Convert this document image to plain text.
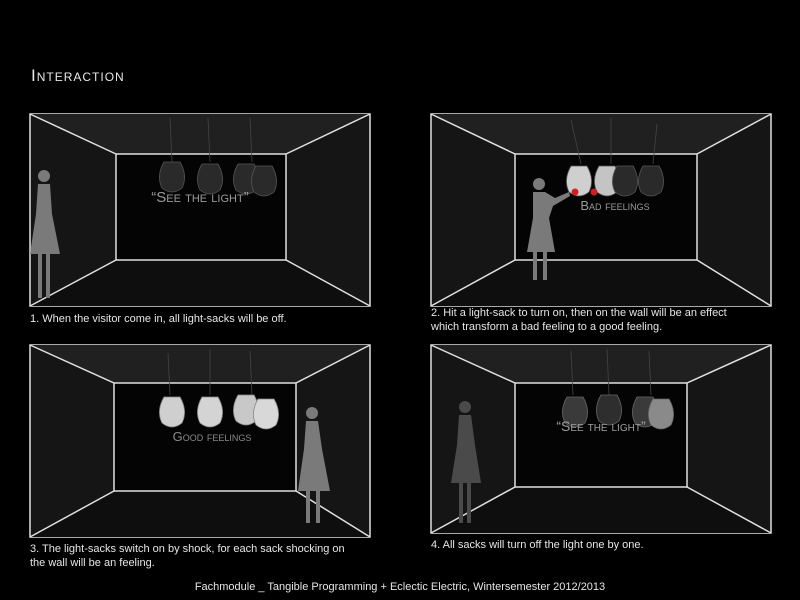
Interaction
“See the light”
1. When the visitor come in, all light-sacks will be off.
Bad feelings
2. Hit a light-sack to turn on, then on the wall will be an effect
which transform a bad feeling to a good feeling.
Good feelings
3. The light-sacks switch on by shock, for each sack shocking on
the wall will be an feeling.
“See the light”
4. All sacks will turn off the light one by one.
Fachmodule _ Tangible Programming + Eclectic Electric, Wintersemester 2012/2013
